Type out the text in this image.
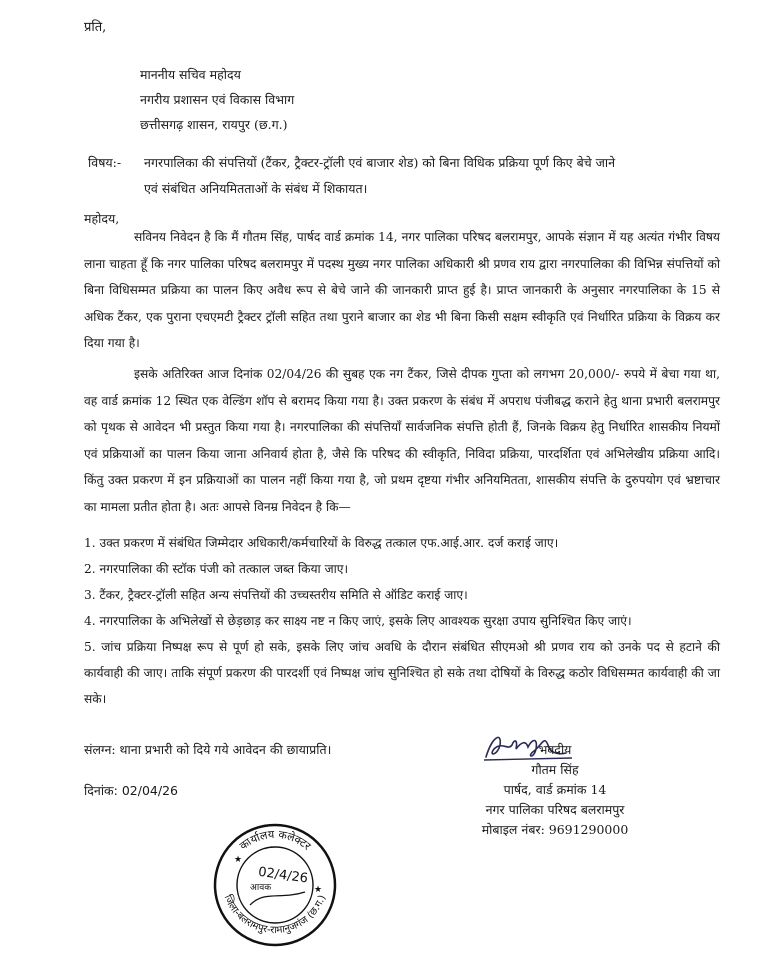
प्रति,
माननीय सचिव महोदय
नगरीय प्रशासन एवं विकास विभाग
छत्तीसगढ़ शासन, रायपुर (छ.ग.)
विषय:- नगरपालिका की संपत्तियों (टैंकर, ट्रैक्टर-ट्रॉली एवं बाजार शेड) को बिना विधिक प्रक्रिया पूर्ण किए बेचे जाने
एवं संबंधित अनियमितताओं के संबंध में शिकायत।
महोदय,

सविनय निवेदन है कि मैं गौतम सिंह, पार्षद वार्ड क्रमांक 14, नगर पालिका परिषद बलरामपुर, आपके संज्ञान में यह अत्यंत गंभीर विषय लाना चाहता हूँ कि नगर पालिका परिषद बलरामपुर में पदस्थ मुख्य नगर पालिका अधिकारी श्री प्रणव राय द्वारा नगरपालिका की विभिन्न संपत्तियों को बिना विधिसम्मत प्रक्रिया का पालन किए अवैध रूप से बेचे जाने की जानकारी प्राप्त हुई है। प्राप्त जानकारी के अनुसार नगरपालिका के 15 से अधिक टैंकर, एक पुराना एचएमटी ट्रैक्टर ट्रॉली सहित तथा पुराने बाजार का शेड भी बिना किसी सक्षम स्वीकृति एवं निर्धारित प्रक्रिया के विक्रय कर दिया गया है।

इसके अतिरिक्त आज दिनांक 02/04/26 की सुबह एक नग टैंकर, जिसे दीपक गुप्ता को लगभग 20,000/- रुपये में बेचा गया था, वह वार्ड क्रमांक 12 स्थित एक वेल्डिंग शॉप से बरामद किया गया है। उक्त प्रकरण के संबंध में अपराध पंजीबद्ध कराने हेतु थाना प्रभारी बलरामपुर को पृथक से आवेदन भी प्रस्तुत किया गया है। नगरपालिका की संपत्तियाँ सार्वजनिक संपत्ति होती हैं, जिनके विक्रय हेतु निर्धारित शासकीय नियमों एवं प्रक्रियाओं का पालन किया जाना अनिवार्य होता है, जैसे कि परिषद की स्वीकृति, निविदा प्रक्रिया, पारदर्शिता एवं अभिलेखीय प्रक्रिया आदि। किंतु उक्त प्रकरण में इन प्रक्रियाओं का पालन नहीं किया गया है, जो प्रथम दृष्टया गंभीर अनियमितता, शासकीय संपत्ति के दुरुपयोग एवं भ्रष्टाचार का मामला प्रतीत होता है। अतः आपसे विनम्र निवेदन है कि—

1. उक्त प्रकरण में संबंधित जिम्मेदार अधिकारी/कर्मचारियों के विरुद्ध तत्काल एफ.आई.आर. दर्ज कराई जाए।
2. नगरपालिका की स्टॉक पंजी को तत्काल जब्त किया जाए।
3. टैंकर, ट्रैक्टर-ट्रॉली सहित अन्य संपत्तियों की उच्चस्तरीय समिति से ऑडिट कराई जाए।
4. नगरपालिका के अभिलेखों से छेड़छाड़ कर साक्ष्य नष्ट न किए जाएं, इसके लिए आवश्यक सुरक्षा उपाय सुनिश्चित किए जाएं।
5. जांच प्रक्रिया निष्पक्ष रूप से पूर्ण हो सके, इसके लिए जांच अवधि के दौरान संबंधित सीएमओ श्री प्रणव राय को उनके पद से हटाने की कार्यवाही की जाए। ताकि संपूर्ण प्रकरण की पारदर्शी एवं निष्पक्ष जांच सुनिश्चित हो सके तथा दोषियों के विरुद्ध कठोर विधिसम्मत कार्यवाही की जा सके।
संलग्न: थाना प्रभारी को दिये गये आवेदन की छायाप्रति।
दिनांक: 02/04/26
भवदीय
गौतम सिंह
पार्षद, वार्ड क्रमांक 14
नगर पालिका परिषद बलरामपुर
मोबाइल नंबर: 9691290000
कार्यालय कलेक्टर
जिला-बलरामपुर-रामानुजगंज (छ.ग.)
★
★
02/4/26
आवक
